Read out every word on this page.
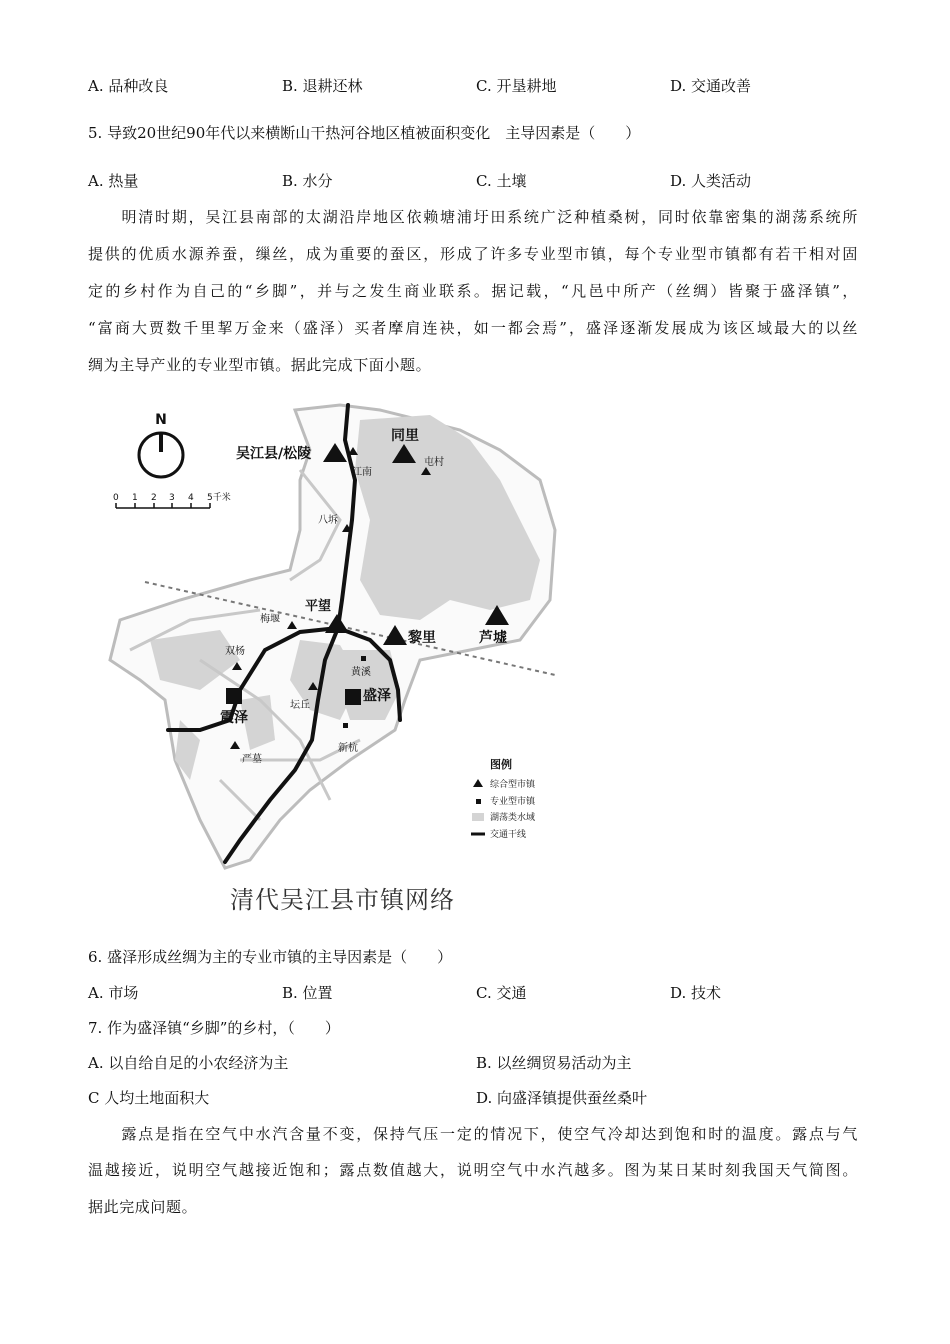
A. 品种改良	B. 退耕还林	C. 开垦耕地	D. 交通改善
5. 导致20世纪90年代以来横断山干热河谷地区植被面积变化　主导因素是（　　）
A. 热量	B. 水分	C. 土壤	D. 人类活动
　　明清时期，吴江县南部的太湖沿岸地区依赖塘浦圩田系统广泛种植桑树，同时依靠密集的湖荡系统所
提供的优质水源养蚕，缫丝，成为重要的蚕区，形成了许多专业型市镇，每个专业型市镇都有若干相对固
定的乡村作为自己的“乡脚”，并与之发生商业联系。据记载，“凡邑中所产（丝绸）皆聚于盛泽镇”，
“富商大贾数千里挈万金来（盛泽）买者摩肩连袂，如一都会焉”，盛泽逐渐发展成为该区域最大的以丝
绸为主导产业的专业型市镇。据此完成下面小题。
N
0 1 2 3 4 5千米
吴江县/松陵
同里
屯村
江南
八坼
平望
梅堰
黎里	芦墟
双杨
黄溪
震泽
坛丘
盛泽
严墓
新杭
图例
综合型市镇
专业型市镇
湖荡类水域
交通干线
清代吴江县市镇网络
6. 盛泽形成丝绸为主的专业市镇的主导因素是（　　）
A. 市场	B. 位置	C. 交通	D. 技术
7. 作为盛泽镇“乡脚”的乡村，（　　）
A. 以自给自足的小农经济为主	B. 以丝绸贸易活动为主
C 人均土地面积大	D. 向盛泽镇提供蚕丝桑叶
　　露点是指在空气中水汽含量不变，保持气压一定的情况下，使空气冷却达到饱和时的温度。露点与气
温越接近，说明空气越接近饱和；露点数值越大，说明空气中水汽越多。图为某日某时刻我国天气简图。
据此完成问题。
